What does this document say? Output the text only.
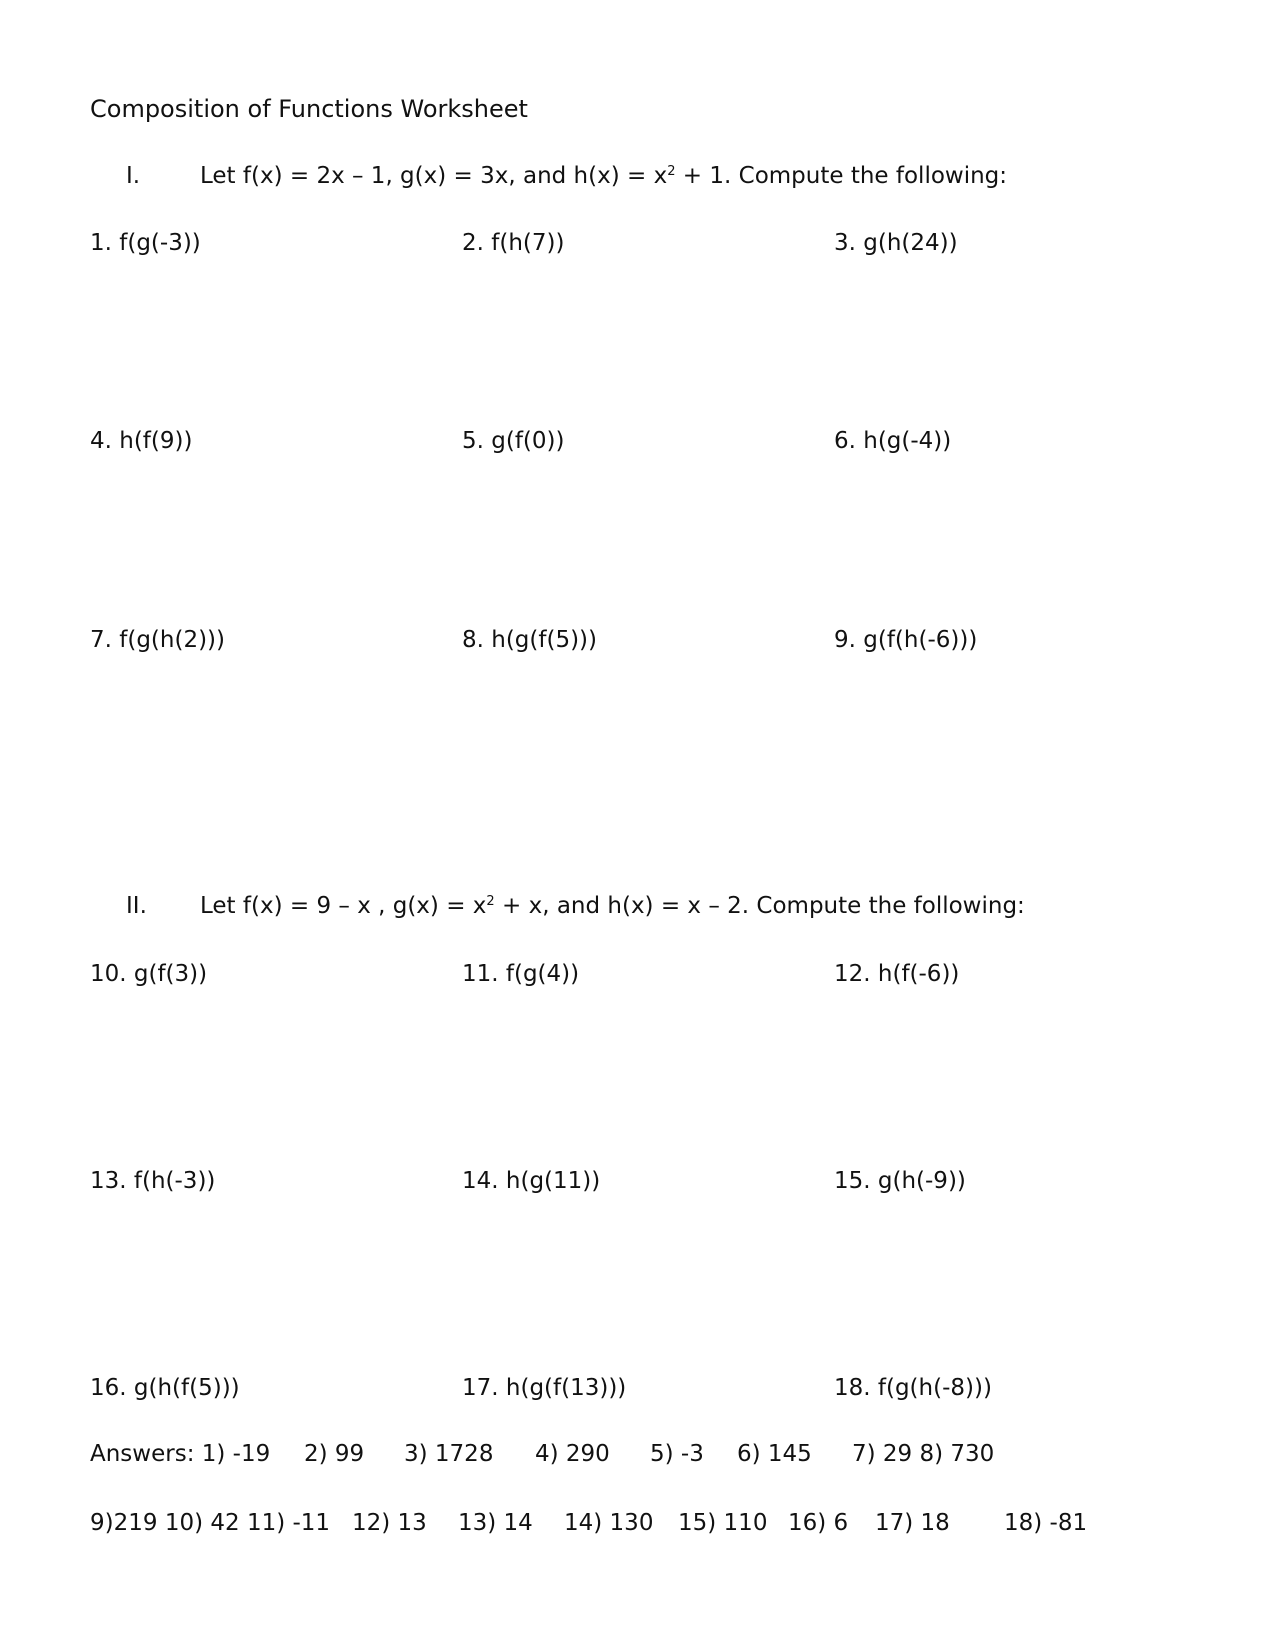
Composition of Functions Worksheet
I.	Let f(x) = 2x – 1, g(x) = 3x, and $h(x) = x^2 + 1$. Compute the following:
1. f(g(-3))	2. f(h(7))	3. g(h(24))
4. h(f(9))	5. g(f(0))	6. h(g(-4))
7. f(g(h(2)))	8. h(g(f(5)))	9. g(f(h(-6)))
II. Let f(x) = 9 – x , $g(x) = x^2 + x$, and h(x) = x – 2. Compute the following:
10. g(f(3))	11. f(g(4))	12. h(f(-6))
13. f(h(-3))	14. h(g(11))	15. g(h(-9))
16. g(h(f(5)))	17. h(g(f(13)))	18. f(g(h(-8)))
Answers: 1) -19 2) 99 3) 1728 4) 290 5) -3 6) 145 7) 29 8) 730
9)219 10) 42 11) -11 12) 13 13) 14 14) 130 15) 110 16) 6 17) 18 18) -81
